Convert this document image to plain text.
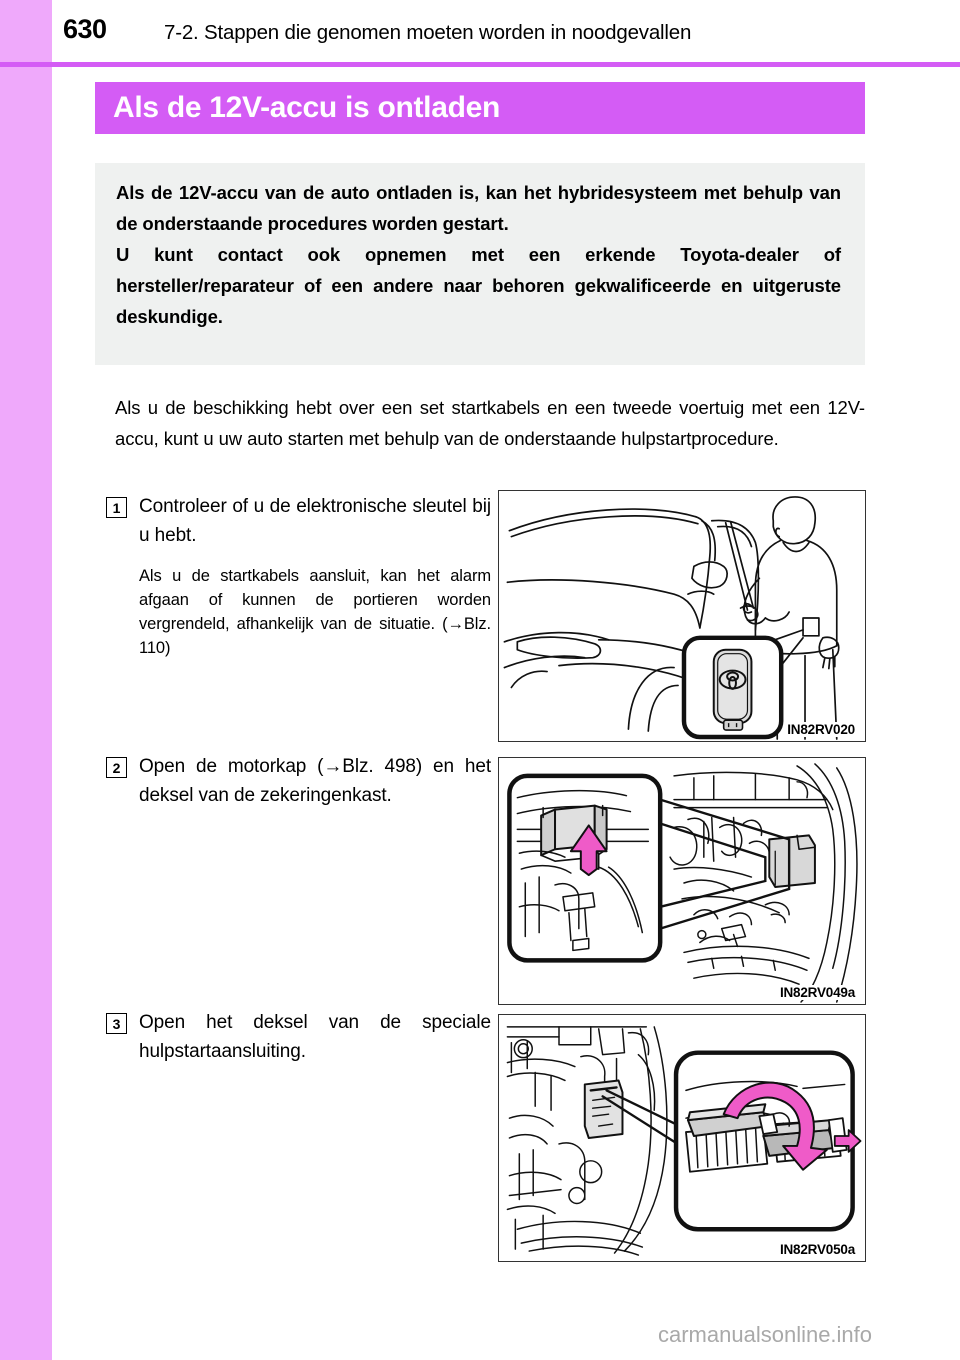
630	7-2. Stappen die genomen moeten worden in noodgevallen
Als de 12V-accu is ontladen

Als de 12V-accu van de auto ontladen is, kan het hybridesysteem met behulp van de onderstaande procedures worden gestart.

U kunt contact ook opnemen met een erkende Toyota-dealer of hersteller/reparateur of een andere naar behoren gekwalificeerde en uitgeruste deskundige.

Als u de beschikking hebt over een set startkabels en een tweede voertuig met een 12V-accu, kunt u uw auto starten met behulp van de onderstaande hulpstartprocedure.

1 Controleer of u de elektronische sleutel bij u hebt.

Als u de startkabels aansluit, kan het alarm afgaan of kunnen de portieren worden vergrendeld, afhankelijk van de situatie. (→Blz. 110)

2 Open de motorkap (→Blz. 498) en het deksel van de zekeringenkast.

3 Open het deksel van de speciale hulpstartaansluiting.

IN82RV020
IN82RV049a
IN82RV050a
carmanualsonline.info
